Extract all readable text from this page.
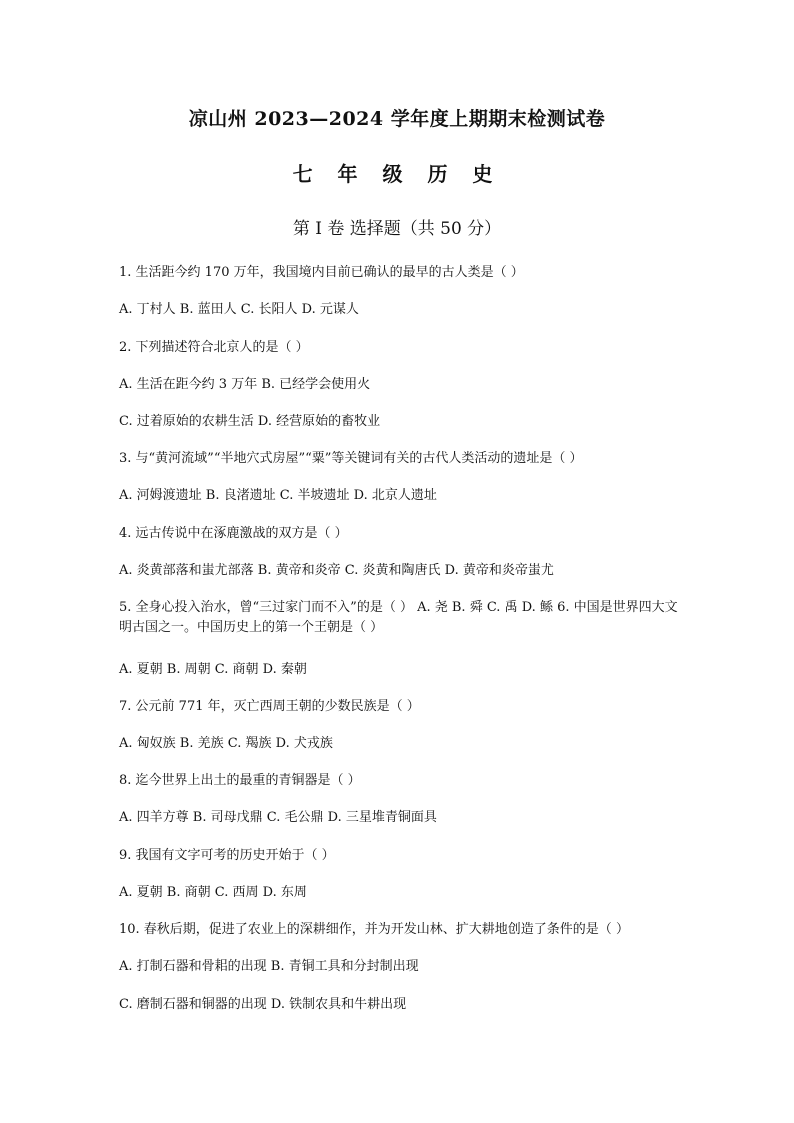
凉山州 2023—2024 学年度上期期末检测试卷
七 年 级 历 史
第 I 卷 选择题（共 50 分）
1. 生活距今约 170 万年，我国境内目前已确认的最早的古人类是（ ）
A. 丁村人 B. 蓝田人 C. 长阳人 D. 元谋人
2. 下列描述符合北京人的是（ ）
A. 生活在距今约 3 万年 B. 已经学会使用火
C. 过着原始的农耕生活 D. 经营原始的畜牧业
3. 与“黄河流域”“半地穴式房屋”“粟”等关键词有关的古代人类活动的遗址是（ ）
A. 河姆渡遗址 B. 良渚遗址 C. 半坡遗址 D. 北京人遗址
4. 远古传说中在涿鹿激战的双方是（ ）
A. 炎黄部落和蚩尤部落 B. 黄帝和炎帝 C. 炎黄和陶唐氏 D. 黄帝和炎帝蚩尤
5. 全身心投入治水，曾“三过家门而不入”的是（ ） A. 尧 B. 舜 C. 禹 D. 鲧 6. 中国是世界四大文明古国之一。中国历史上的第一个王朝是（ ）
A. 夏朝 B. 周朝 C. 商朝 D. 秦朝
7. 公元前 771 年，灭亡西周王朝的少数民族是（ ）
A. 匈奴族 B. 羌族 C. 羯族 D. 犬戎族
8. 迄今世界上出土的最重的青铜器是（ ）
A. 四羊方尊 B. 司母戊鼎 C. 毛公鼎 D. 三星堆青铜面具
9. 我国有文字可考的历史开始于（ ）
A. 夏朝 B. 商朝 C. 西周 D. 东周
10. 春秋后期，促进了农业上的深耕细作，并为开发山林、扩大耕地创造了条件的是（ ）
A. 打制石器和骨耜的出现 B. 青铜工具和分封制出现
C. 磨制石器和铜器的出现 D. 铁制农具和牛耕出现
